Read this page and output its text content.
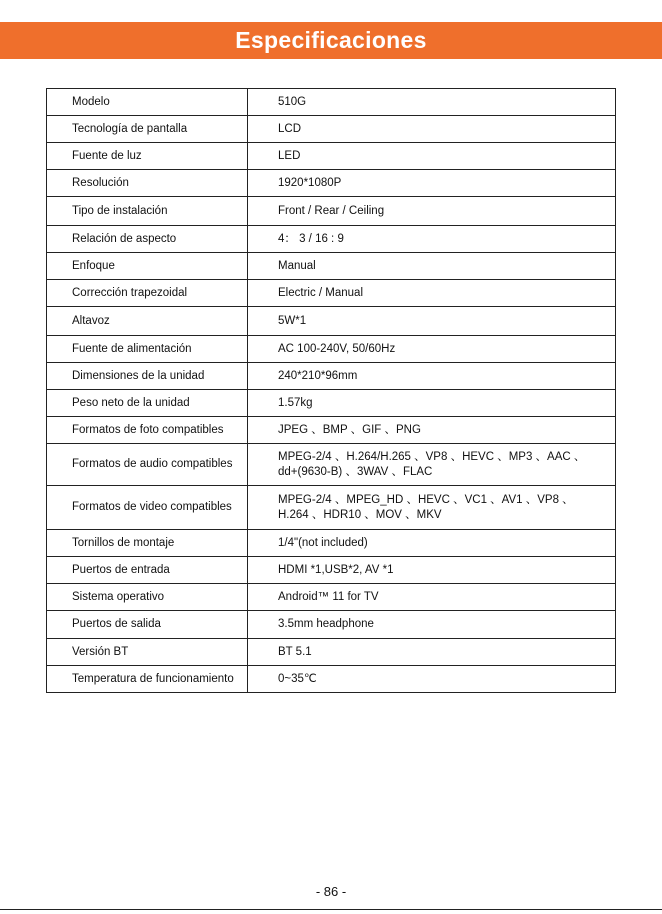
Especificaciones
Modelo	510G
Tecnología de pantalla	LCD
Fuente de luz	LED
Resolución	1920*1080P
Tipo de instalación	Front / Rear / Ceiling
Relación de aspecto	4： 3 / 16 : 9
Enfoque	Manual
Corrección trapezoidal	Electric / Manual
Altavoz	5W*1
Fuente de alimentación	AC 100-240V, 50/60Hz
Dimensiones de la unidad	240*210*96mm
Peso neto de la unidad	1.57kg
Formatos de foto compatibles	JPEG 、BMP 、GIF 、PNG
Formatos de audio compatibles	MPEG-2/4 、H.264/H.265 、VP8 、HEVC 、MP3 、AAC 、
dd+(9630-B) 、3WAV 、FLAC

Formatos de video compatibles	MPEG-2/4 、MPEG_HD 、HEVC 、VC1 、AV1 、VP8 、
H.264 、HDR10 、MOV 、MKV

Tornillos de montaje	1/4"(not included)
Puertos de entrada	HDMI *1,USB*2, AV *1
Sistema operativo	Android™ 11 for TV
Puertos de salida	3.5mm headphone
Versión BT	BT 5.1
Temperatura de funcionamiento	0~35℃
- 86 -
